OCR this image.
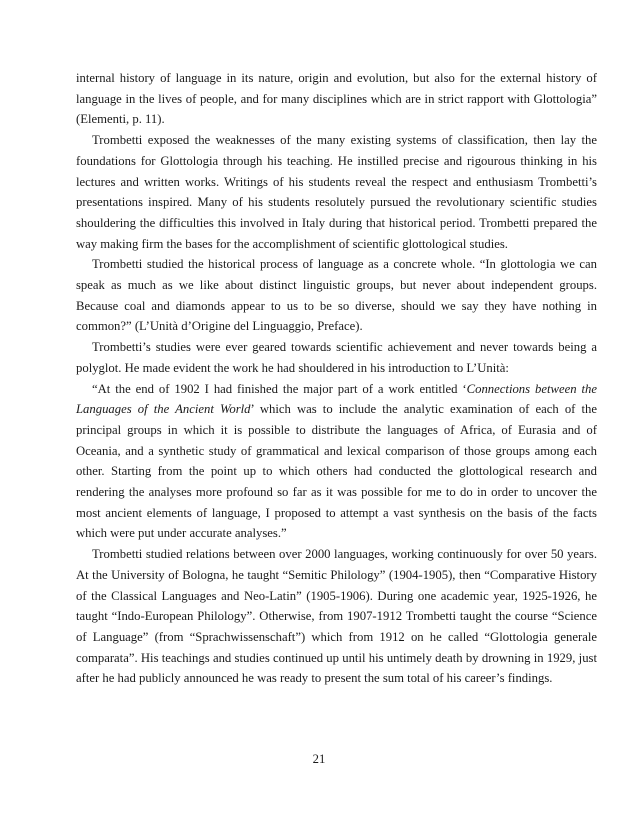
internal history of language in its nature, origin and evolution, but also for the external history of language in the lives of people, and for many disciplines which are in strict rapport with Glottologia” (Elementi, p. 11).

Trombetti exposed the weaknesses of the many existing systems of classification, then lay the foundations for Glottologia through his teaching. He instilled precise and rigourous thinking in his lectures and written works. Writings of his students reveal the respect and enthusiasm Trombetti’s presentations inspired. Many of his students resolutely pursued the revolutionary scientific studies shouldering the difficulties this involved in Italy during that historical period. Trombetti prepared the way making firm the bases for the accomplishment of scientific glottological studies.

Trombetti studied the historical process of language as a concrete whole. “In glottologia we can speak as much as we like about distinct linguistic groups, but never about independent groups. Because coal and diamonds appear to us to be so diverse, should we say they have nothing in common?” (L’Unità d’Origine del Linguaggio, Preface).

Trombetti’s studies were ever geared towards scientific achievement and never towards being a polyglot. He made evident the work he had shouldered in his introduction to L’Unità:

“At the end of 1902 I had finished the major part of a work entitled ‘Connections between the Languages of the Ancient World’ which was to include the analytic examination of each of the principal groups in which it is possible to distribute the languages of Africa, of Eurasia and of Oceania, and a synthetic study of grammatical and lexical comparison of those groups among each other. Starting from the point up to which others had conducted the glottological research and rendering the analyses more profound so far as it was possible for me to do in order to uncover the most ancient elements of language, I proposed to attempt a vast synthesis on the basis of the facts which were put under accurate analyses.”

Trombetti studied relations between over 2000 languages, working continuously for over 50 years. At the University of Bologna, he taught “Semitic Philology” (1904-1905), then “Comparative History of the Classical Languages and Neo-Latin” (1905-1906). During one academic year, 1925-1926, he taught “Indo-European Philology”. Otherwise, from 1907-1912 Trombetti taught the course “Science of Language” (from “Sprachwissenschaft”) which from 1912 on he called “Glottologia generale comparata”. His teachings and studies continued up until his untimely death by drowning in 1929, just after he had publicly announced he was ready to present the sum total of his career’s findings.

21
